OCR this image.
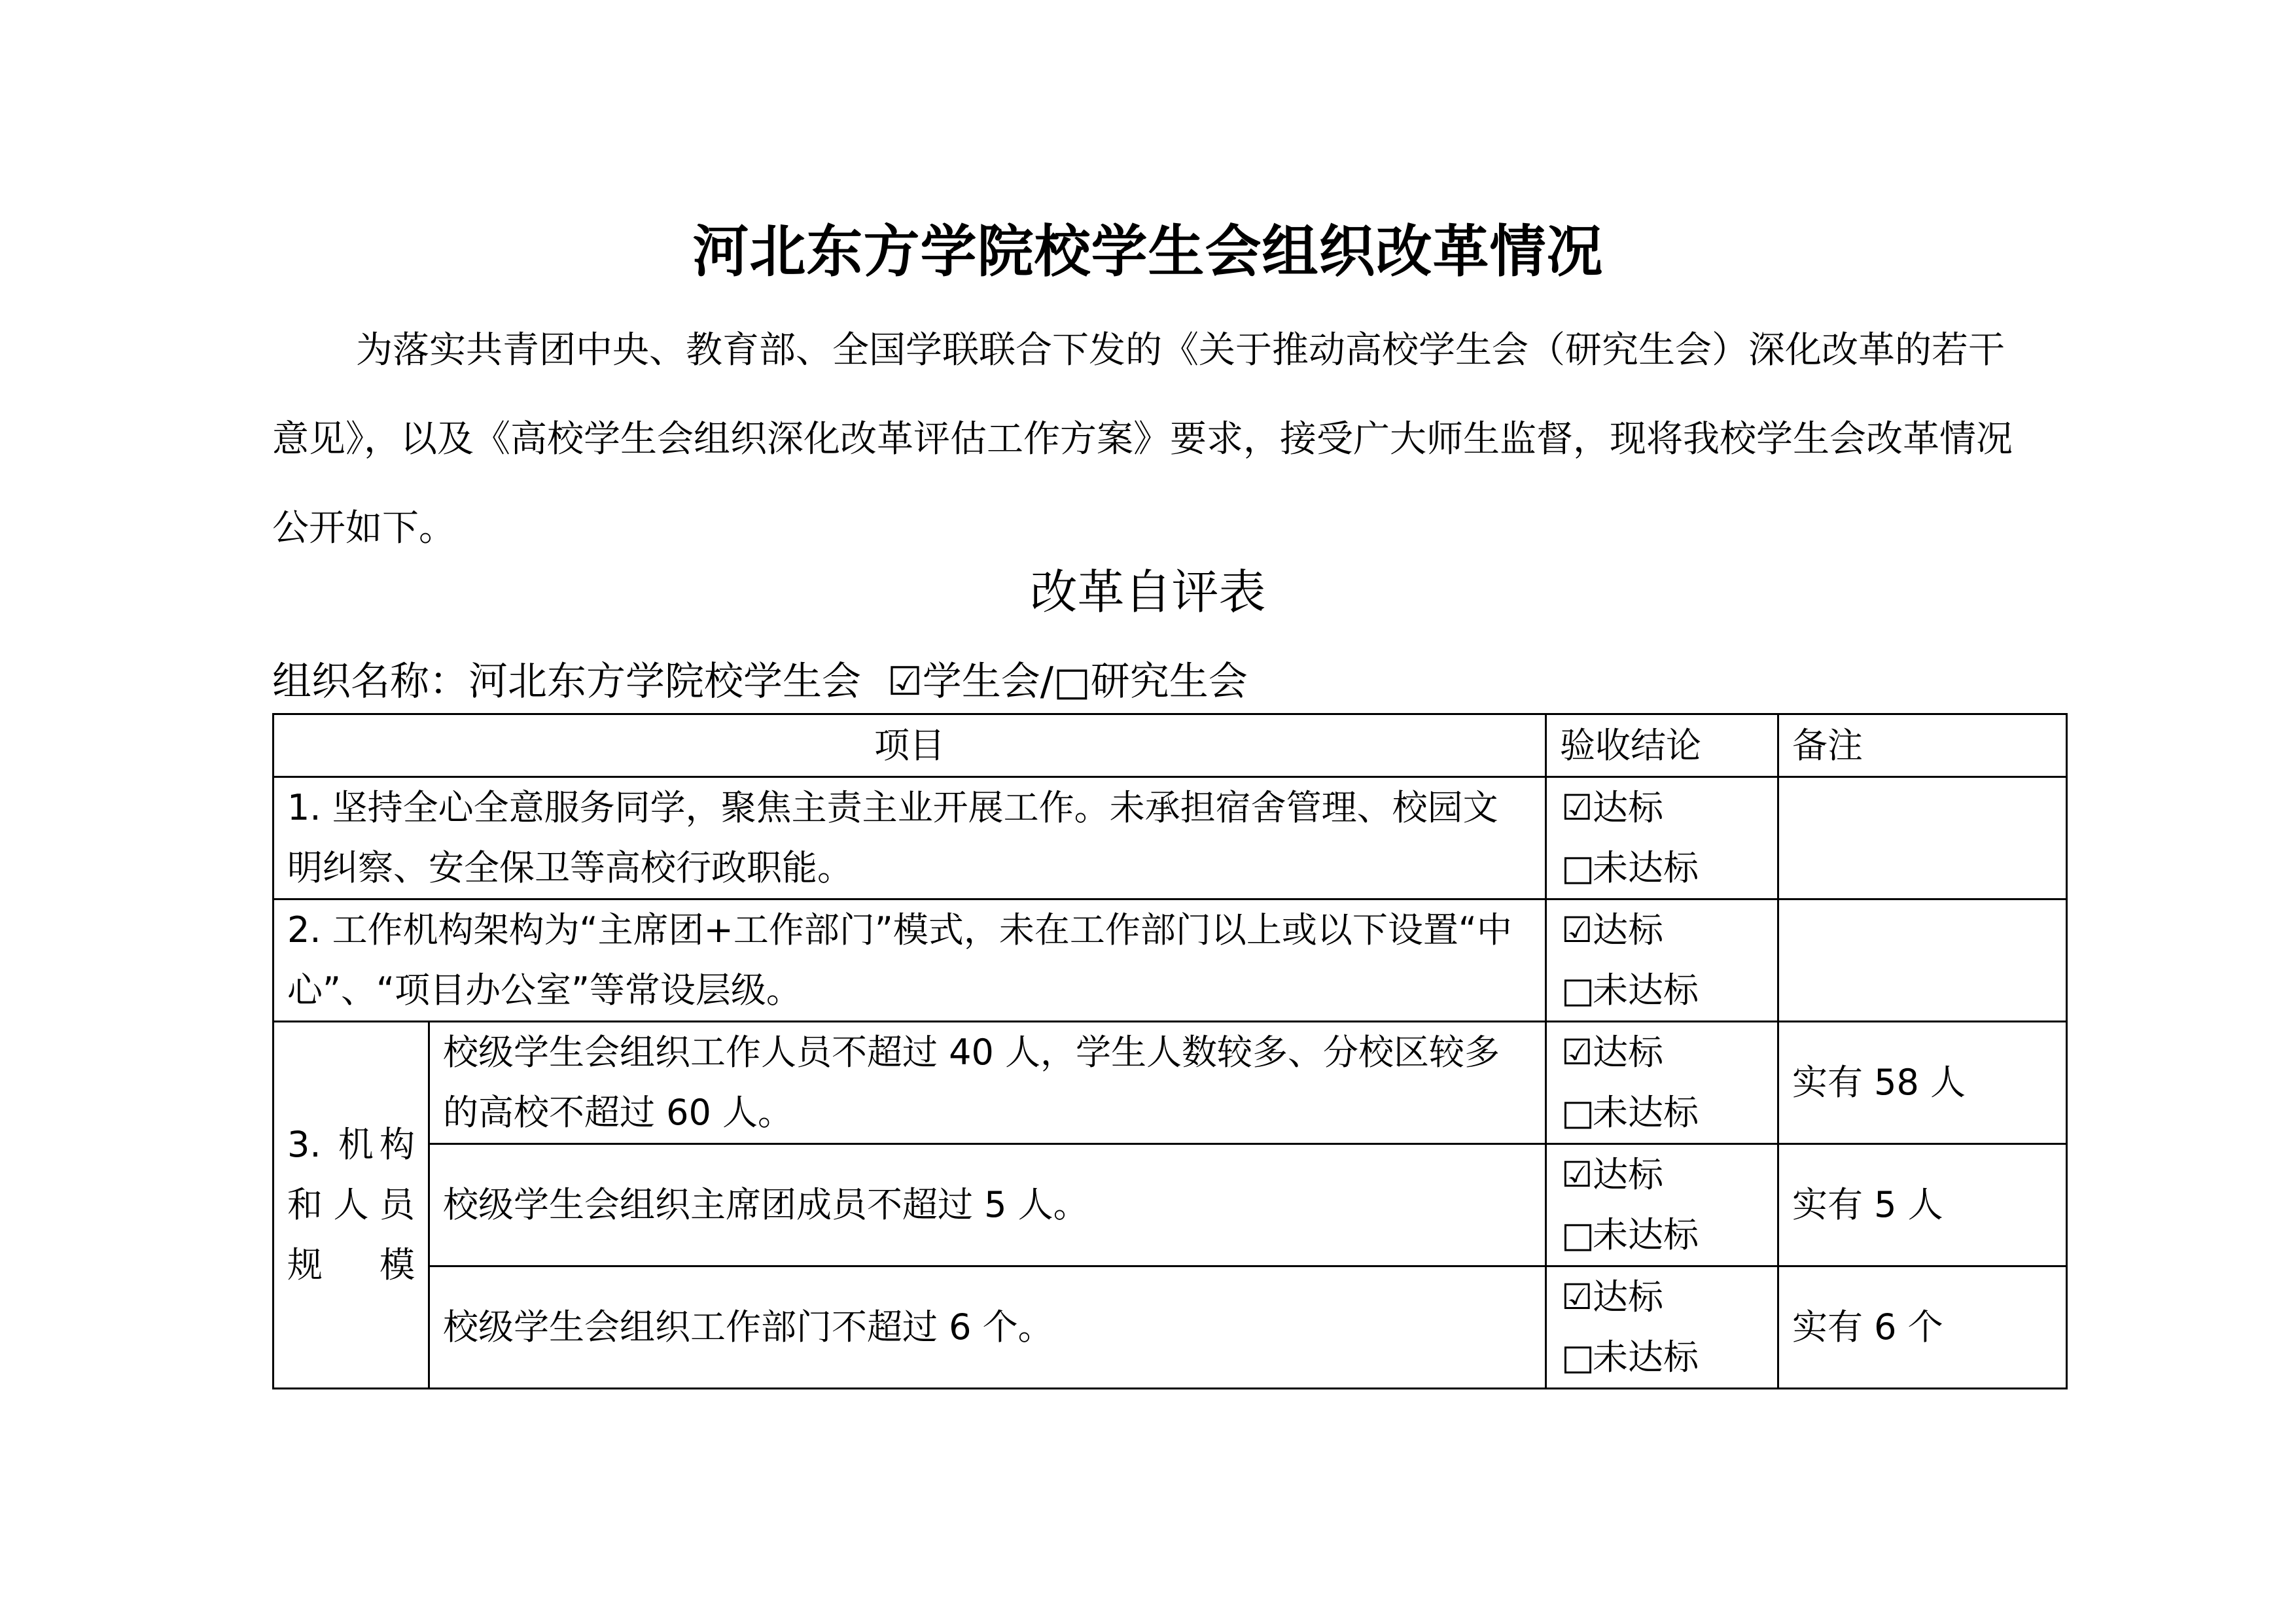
河北东方学院校学生会组织改革情况

为落实共青团中央、教育部、全国学联联合下发的《关于推动高校学生会（研究生会）深化改革的若干意见》，以及《高校学生会组织深化改革评估工作方案》要求，接受广大师生监督，现将我校学生会改革情况公开如下。

改革自评表
组织名称：河北东方学院校学生会 ☑学生会/□研究生会
项目		验收结论	备注
1. 坚持全心全意服务同学，聚焦主责主业开展工作。未承担宿舍管理、校园文明纠察、安全保卫等高校行政职能。		☑达标
□未达标	

2. 工作机构架构为“主席团+工作部门”模式，未在工作部门以上或以下设置“中心”、“项目办公室”等常设层级。		☑达标
□未达标	

3. 机构和人员规模	校级学生会组织工作人员不超过 40 人，学生人数较多、分校区较多的高校不超过 60 人。	☑达标
□未达标	实有 58 人
	校级学生会组织主席团成员不超过 5 人。	☑达标
□未达标	实有 5 人
	校级学生会组织工作部门不超过 6 个。	☑达标
□未达标	实有 6 个
